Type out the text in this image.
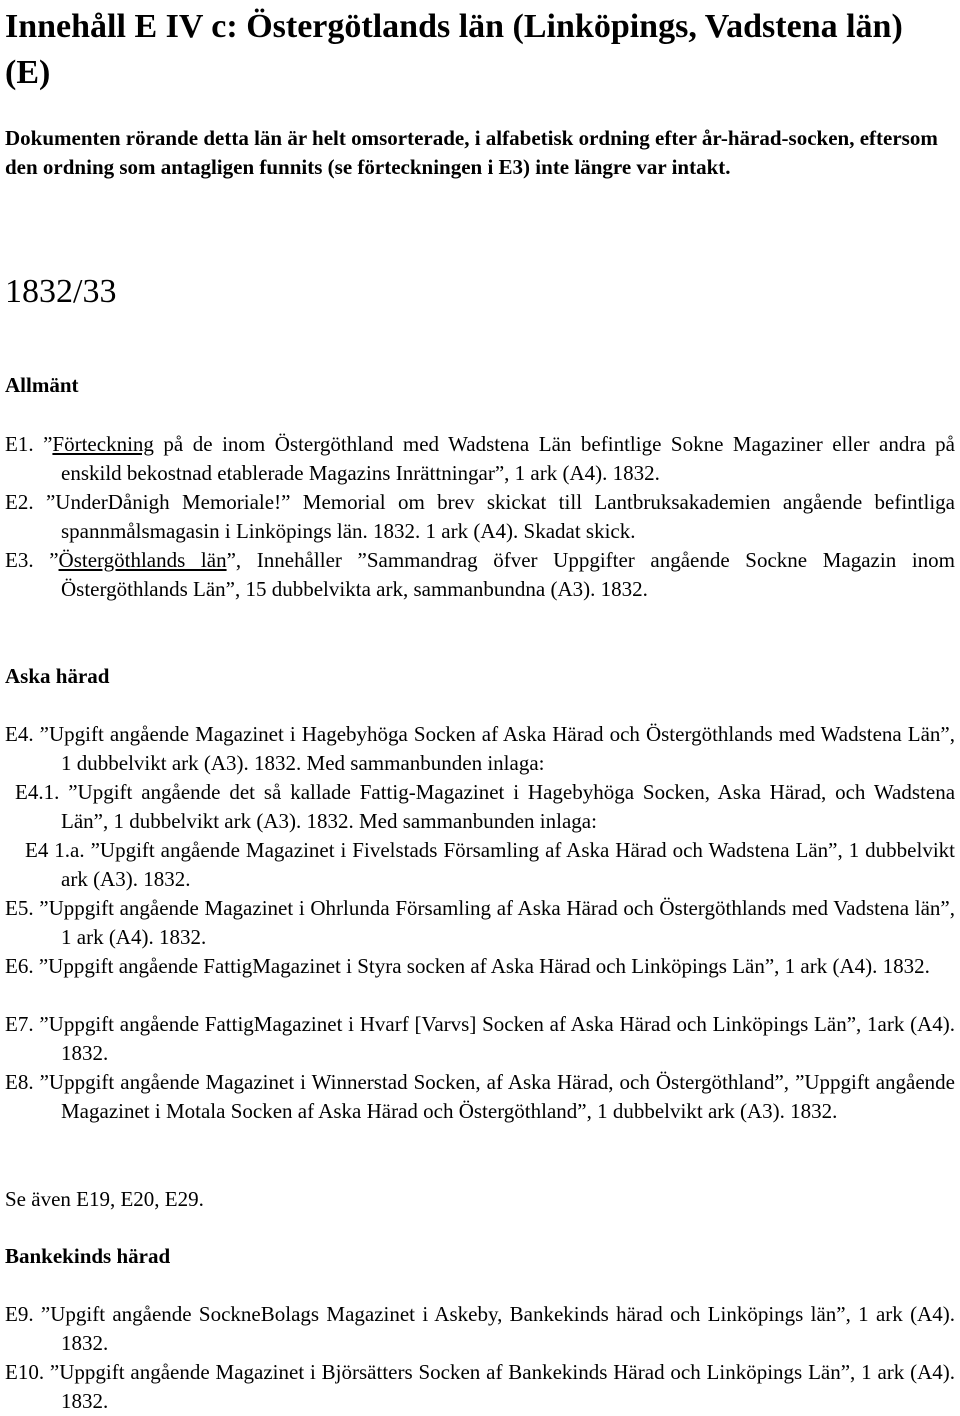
Innehåll E IV c: Östergötlands län (Linköpings, Vadstena län) (E)

Dokumenten rörande detta län är helt omsorterade, i alfabetisk ordning efter år-härad-socken, eftersom den ordning som antagligen funnits (se förteckningen i E3) inte längre var intakt.

1832/33
Allmänt

E1. ”Förteckning på de inom Östergöthland med Wadstena Län befintlige Sokne Magaziner eller andra på enskild bekostnad etablerade Magazins Inrättningar”, 1 ark (A4). 1832.

E2. ”UnderDånigh Memoriale!” Memorial om brev skickat till Lantbruksakademien angående befintliga spannmålsmagasin i Linköpings län. 1832. 1 ark (A4). Skadat skick.

E3. ”Östergöthlands län”, Innehåller ”Sammandrag öfver Uppgifter angående Sockne Magazin inom Östergöthlands Län”, 15 dubbelvikta ark, sammanbundna (A3). 1832.

Aska härad

E4. ”Upgift angående Magazinet i Hagebyhöga Socken af Aska Härad och Östergöthlands med Wadstena Län”, 1 dubbelvikt ark (A3). 1832. Med sammanbunden inlaga:

E4.1. ”Upgift angående det så kallade Fattig-Magazinet i Hagebyhöga Socken, Aska Härad, och Wadstena Län”, 1 dubbelvikt ark (A3). 1832. Med sammanbunden inlaga:

E4 1.a. ”Upgift angående Magazinet i Fivelstads Församling af Aska Härad och Wadstena Län”, 1 dubbelvikt ark (A3). 1832.

E5. ”Uppgift angående Magazinet i Ohrlunda Församling af Aska Härad och Östergöthlands med Vadstena län”, 1 ark (A4). 1832.

E6. ”Uppgift angående FattigMagazinet i Styra socken af Aska Härad och Linköpings Län”, 1 ark (A4). 1832.

E7. ”Uppgift angående FattigMagazinet i Hvarf [Varvs] Socken af Aska Härad och Linköpings Län”, 1ark (A4). 1832.

E8. ”Uppgift angående Magazinet i Winnerstad Socken, af Aska Härad, och Östergöthland”, ”Uppgift angående Magazinet i Motala Socken af Aska Härad och Östergöthland”, 1 dubbelvikt ark (A3). 1832.

Se även E19, E20, E29.

Bankekinds härad

E9. ”Upgift angående SockneBolags Magazinet i Askeby, Bankekinds härad och Linköpings län”, 1 ark (A4). 1832.

E10. ”Uppgift angående Magazinet i Björsätters Socken af Bankekinds Härad och Linköpings Län”, 1 ark (A4). 1832.
